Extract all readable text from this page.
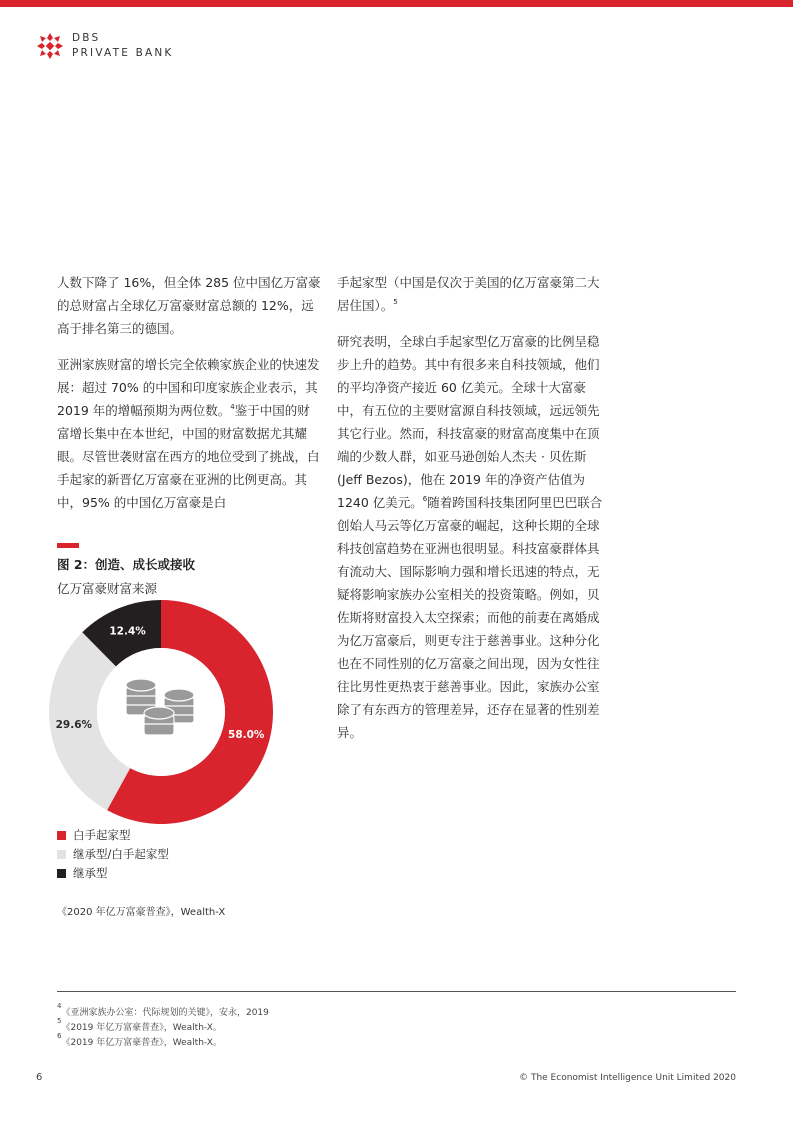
DBS
PRIVATE BANK

人数下降了 16%，但全体 285 位中国亿万富豪的总财富占全球亿万富豪财富总额的 12%，远高于排名第三的德国。

亚洲家族财富的增长完全依赖家族企业的快速发展：超过 70% 的中国和印度家族企业表示，其 2019 年的增幅预期为两位数。$^4$鉴于中国的财富增长集中在本世纪，中国的财富数据尤其耀眼。尽管世袭财富在西方的地位受到了挑战，白手起家的新晋亿万富豪在亚洲的比例更高。其中，95% 的中国亿万富豪是白

手起家型（中国是仅次于美国的亿万富豪第二大居住国）。$^5$

研究表明，全球白手起家型亿万富豪的比例呈稳步上升的趋势。其中有很多来自科技领域，他们的平均净资产接近 60 亿美元。全球十大富豪中，有五位的主要财富源自科技领域，远远领先其它行业。然而，科技富豪的财富高度集中在顶端的少数人群，如亚马逊创始人杰夫 · 贝佐斯 (Jeff Bezos)，他在 2019 年的净资产估值为 1240 亿美元。$^6$随着跨国科技集团阿里巴巴联合创始人马云等亿万富豪的崛起，这种长期的全球科技创富趋势在亚洲也很明显。科技富豪群体具有流动大、国际影响力强和增长迅速的特点，无疑将影响家族办公室相关的投资策略。例如，贝佐斯将财富投入太空探索；而他的前妻在离婚成为亿万富豪后，则更专注于慈善事业。这种分化也在不同性别的亿万富豪之间出现，因为女性往往比男性更热衷于慈善事业。因此，家族办公室除了有东西方的管理差异，还存在显著的性别差异。

图 2：创造、成长或接收
亿万富豪财富来源
58.0%
29.6%
12.4%
白手起家型
继承型/白手起家型
继承型
《2020 年亿万富豪普查》，Wealth-X
$^4$《亚洲家族办公室：代际规划的关键》，安永，2019
$^5$《2019 年亿万富豪普查》，Wealth-X。
$^6$《2019 年亿万富豪普查》，Wealth-X。
6	© The Economist Intelligence Unit Limited 2020
